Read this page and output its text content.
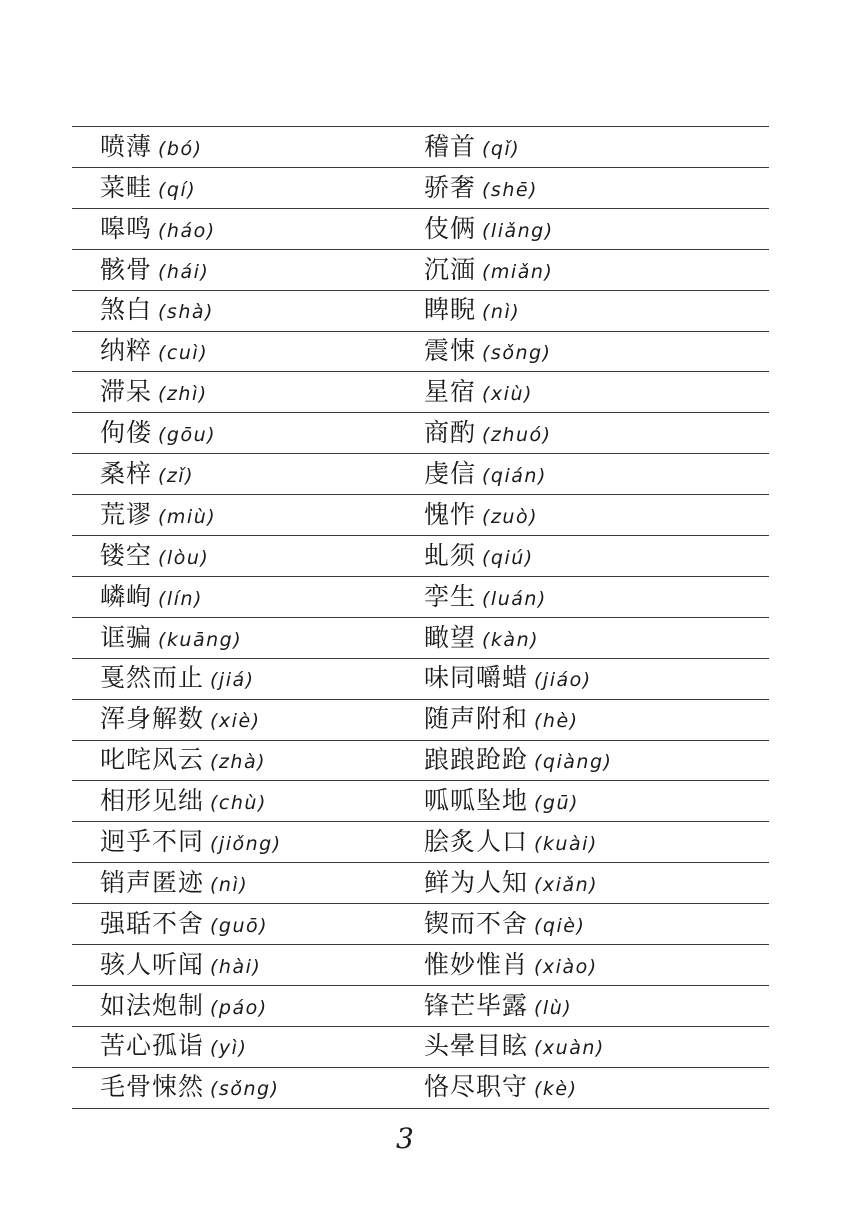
喷薄 (bó)	稽首 (qǐ)
菜畦 (qí)	骄奢 (shē)
嗥鸣 (háo)	伎俩 (liǎng)
骸骨 (hái)	沉湎 (miǎn)
煞白 (shà)	睥睨 (nì)
纳粹 (cuì)	震悚 (sǒng)
滞呆 (zhì)	星宿 (xiù)
佝偻 (gōu)	商酌 (zhuó)
桑梓 (zǐ)	虔信 (qián)
荒谬 (miù)	愧怍 (zuò)
镂空 (lòu)	虬须 (qiú)
嶙峋 (lín)	孪生 (luán)
诓骗 (kuāng)	瞰望 (kàn)
戛然而止 (jiá)	味同嚼蜡 (jiáo)
浑身解数 (xiè)	随声附和 (hè)
叱咤风云 (zhà)	踉踉跄跄 (qiàng)
相形见绌 (chù)	呱呱坠地 (gū)
迥乎不同 (jiǒng)	脍炙人口 (kuài)
销声匿迹 (nì)	鲜为人知 (xiǎn)
强聒不舍 (guō)	锲而不舍 (qiè)
骇人听闻 (hài)	惟妙惟肖 (xiào)
如法炮制 (páo)	锋芒毕露 (lù)
苦心孤诣 (yì)	头晕目眩 (xuàn)
毛骨悚然 (sǒng)	恪尽职守 (kè)
3
